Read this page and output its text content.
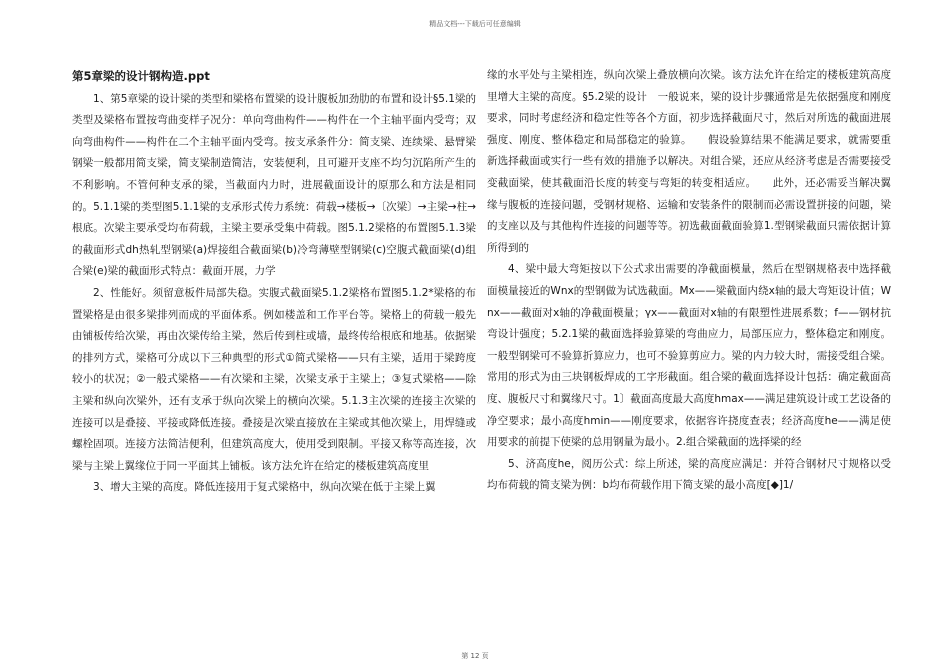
精品文档---下载后可任意编辑

第5章梁的设计钢构造.ppt

1、第5章梁的设计梁的类型和梁格布置梁的设计腹板加劲肋的布置和设计§5.1梁的类型及梁格布置按弯曲变样子况分：单向弯曲构件——构件在一个主轴平面内受弯；双向弯曲构件——构件在二个主轴平面内受弯。按支承条件分：简支梁、连续梁、悬臂梁钢梁一般都用简支梁，简支梁制造简洁，安装便利，且可避开支座不均匀沉陷所产生的不利影响。不管何种支承的梁，当截面内力时，进展截面设计的原那么和方法是相同的。5.1.1梁的类型图5.1.1梁的支承形式传力系统：荷载→楼板→〔次梁〕→主梁→柱→根底。次梁主要承受均布荷载，主梁主要承受集中荷载。图5.1.2梁格的布置图5.1.3梁的截面形式dh热轧型钢梁(a)焊接组合截面梁(b)冷弯薄壁型钢梁(c)空腹式截面梁(d)组合梁(e)梁的截面形式特点：截面开展，力学

2、性能好。须留意板件局部失稳。实腹式截面梁5.1.2梁格布置图5.1.2*梁格的布置梁格是由很多梁排列而成的平面体系。例如楼盖和工作平台等。梁格上的荷载一般先由铺板传给次梁，再由次梁传给主梁，然后传到柱或墙，最终传给根底和地基。依据梁的排列方式，梁格可分成以下三种典型的形式①简式梁格——只有主梁，适用于梁跨度较小的状况；②一般式梁格——有次梁和主梁，次梁支承于主梁上；③复式梁格——除主梁和纵向次梁外，还有支承于纵向次梁上的横向次梁。5.1.3主次梁的连接主次梁的连接可以是叠接、平接或降低连接。叠接是次梁直接放在主梁或其他次梁上，用焊缝或螺栓固项。连接方法简洁便利，但建筑高度大，使用受到限制。平接又称等高连接，次梁与主梁上翼缘位于同一平面其上铺板。该方法允许在给定的楼板建筑高度里

3、增大主梁的高度。降低连接用于复式梁格中，纵向次梁在低于主梁上翼

缘的水平处与主梁相连，纵向次梁上叠放横向次梁。该方法允许在给定的楼板建筑高度里增大主梁的高度。§5.2梁的设计　一般说来，梁的设计步骤通常是先依据强度和刚度要求，同时考虑经济和稳定性等各个方面，初步选择截面尺寸，然后对所选的截面进展强度、刚度、整体稳定和局部稳定的验算。　　假设验算结果不能满足要求，就需要重新选择截面或实行一些有效的措施予以解决。对组合梁，还应从经济考虑是否需要接受变截面梁，使其截面沿长度的转变与弯矩的转变相适应。　　此外，还必需妥当解决翼缘与腹板的连接问题，受钢材规格、运输和安装条件的限制而必需设置拼接的问题，梁的支座以及与其他构件连接的问题等等。初选截面截面验算1.型钢梁截面只需依据计算所得到的

4、梁中最大弯矩按以下公式求出需要的净截面模量，然后在型钢规格表中选择截面模量接近的Wnx的型钢做为试选截面。Mx——梁截面内绕x轴的最大弯矩设计值；Wnx——截面对x轴的净截面模量；γx——截面对x轴的有限塑性进展系数；f——钢材抗弯设计强度；5.2.1梁的截面选择验算梁的弯曲应力，局部压应力，整体稳定和刚度。一般型钢梁可不验算折算应力，也可不验算剪应力。梁的内力较大时，需接受组合梁。常用的形式为由三块钢板焊成的工字形截面。组合梁的截面选择设计包括：确定截面高度、腹板尺寸和翼缘尺寸。1〕截面高度最大高度hmax——满足建筑设计或工艺设备的净空要求；最小高度hmin——刚度要求，依据容许挠度查表；经济高度he——满足使用要求的前提下使梁的总用钢量为最小。2.组合梁截面的选择梁的经

5、济高度he，阅历公式：综上所述，梁的高度应满足：并符合钢材尺寸规格以受均布荷载的简支梁为例：b均布荷载作用下简支梁的最小高度[◆]1/

第 12 页
